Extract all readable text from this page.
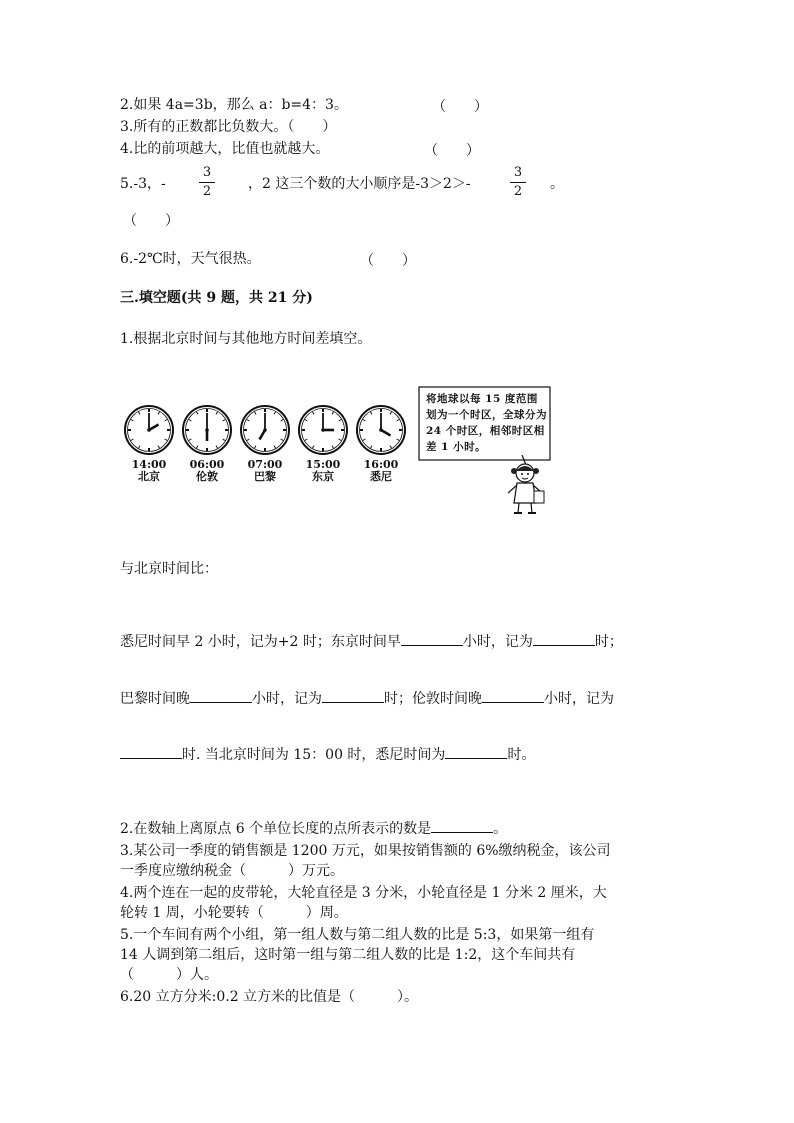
2.如果 4a=3b，那么 a：b=4：3。	（　　）
3.所有的正数都比负数大。（　　）
4.比的前项越大，比值也就越大。	（　　）
5.-3，-
3
2	，2 这三个数的大小顺序是-3＞2＞-
3
2 。
（　　）
6.-2℃时，天气很热。	（　　）
三.填空题(共 9 题，共 21 分)
1.根据北京时间与其他地方时间差填空。
14:00
北京
06:00
伦敦
07:00
巴黎
15:00
东京
16:00
悉尼
将地球以每 15 度范围划为一个时区，全球分为 24 个时区，相邻时区相差 1 小时。
与北京时间比：
悉尼时间早 2 小时，记为+2 时；东京时间早	小时，记为	时；
巴黎时间晚	小时，记为	时；伦敦时间晚	小时，记为
时. 当北京时间为 15：00 时，悉尼时间为	时。
2.在数轴上离原点 6 个单位长度的点所表示的数是	。
3.某公司一季度的销售额是 1200 万元，如果按销售额的 6%缴纳税金，该公司
一季度应缴纳税金（　　　）万元。
4.两个连在一起的皮带轮，大轮直径是 3 分米，小轮直径是 1 分米 2 厘米，大
轮转 1 周，小轮要转（　　　）周。
5.一个车间有两个小组，第一组人数与第二组人数的比是 5:3，如果第一组有
14 人调到第二组后，这时第一组与第二组人数的比是 1:2，这个车间共有
（　　　）人。
6.20 立方分米:0.2 立方米的比值是（　　　）。
